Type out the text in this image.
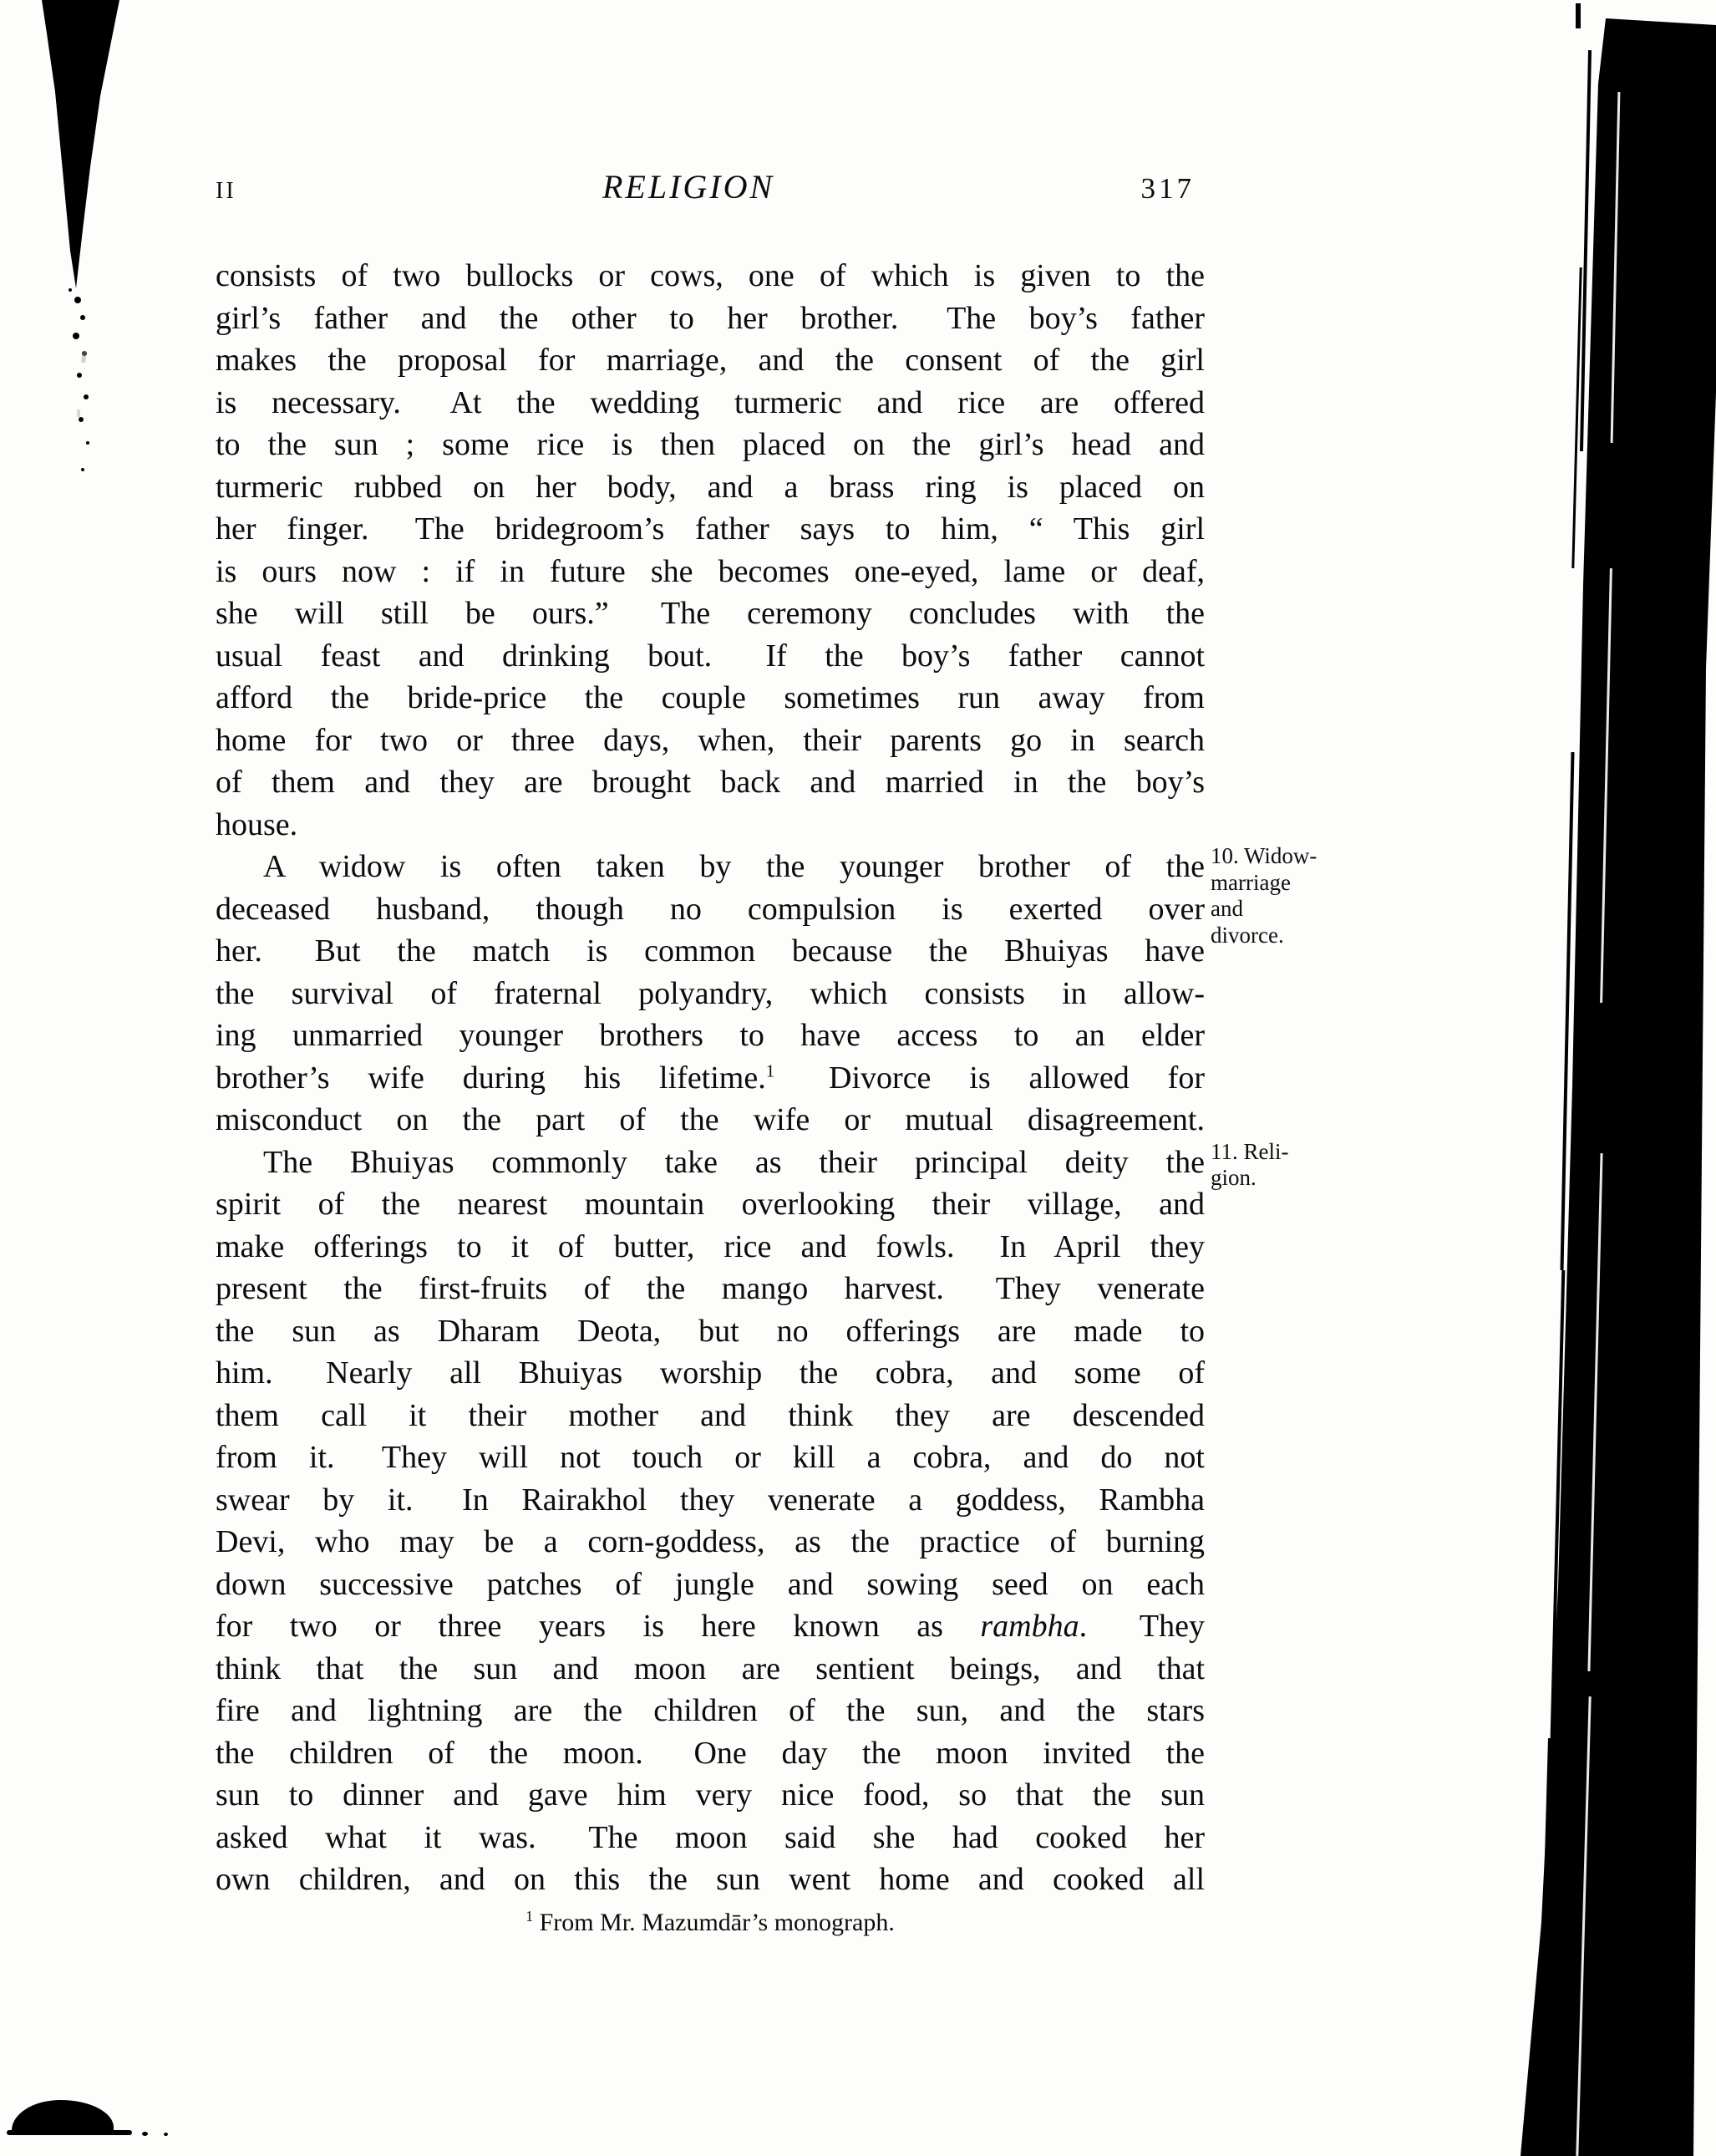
II	RELIGION	317
consists of two bullocks or cows, one of which is given to the
girl’s father and the other to her brother.  The boy’s father
makes the proposal for marriage, and the consent of the girl
is necessary.  At the wedding turmeric and rice are offered
to the sun ; some rice is then placed on the girl’s head and
turmeric rubbed on her body, and a brass ring is placed on
her finger.  The bridegroom’s father says to him, “ This girl
is ours now : if in future she becomes one-eyed, lame or deaf,
she will still be ours.”  The ceremony concludes with the
usual feast and drinking bout.  If the boy’s father cannot
afford the bride-price the couple sometimes run away from
home for two or three days, when, their parents go in search
of them and they are brought back and married in the boy’s
house.
A widow is often taken by the younger brother of the
deceased husband, though no compulsion is exerted over
her.  But the match is common because the Bhuiyas have
the survival of fraternal polyandry, which consists in allow-
ing unmarried younger brothers to have access to an elder
brother’s wife during his lifetime.$^1$  Divorce is allowed for
misconduct on the part of the wife or mutual disagreement.
The Bhuiyas commonly take as their principal deity the
spirit of the nearest mountain overlooking their village, and
make offerings to it of butter, rice and fowls.  In April they
present the first-fruits of the mango harvest.  They venerate
the sun as Dharam Deota, but no offerings are made to
him.  Nearly all Bhuiyas worship the cobra, and some of
them call it their mother and think they are descended
from it.  They will not touch or kill a cobra, and do not
swear by it.  In Rairakhol they venerate a goddess, Rambha
Devi, who may be a corn-goddess, as the practice of burning
down successive patches of jungle and sowing seed on each
for two or three years is here known as rambha.  They
think that the sun and moon are sentient beings, and that
fire and lightning are the children of the sun, and the stars
the children of the moon.  One day the moon invited the
sun to dinner and gave him very nice food, so that the sun
asked what it was.  The moon said she had cooked her
own children, and on this the sun went home and cooked all
10. Widow-
marriage
and
divorce.
11. Reli-
gion.
$^1$ From Mr. Mazumdār’s monograph.
